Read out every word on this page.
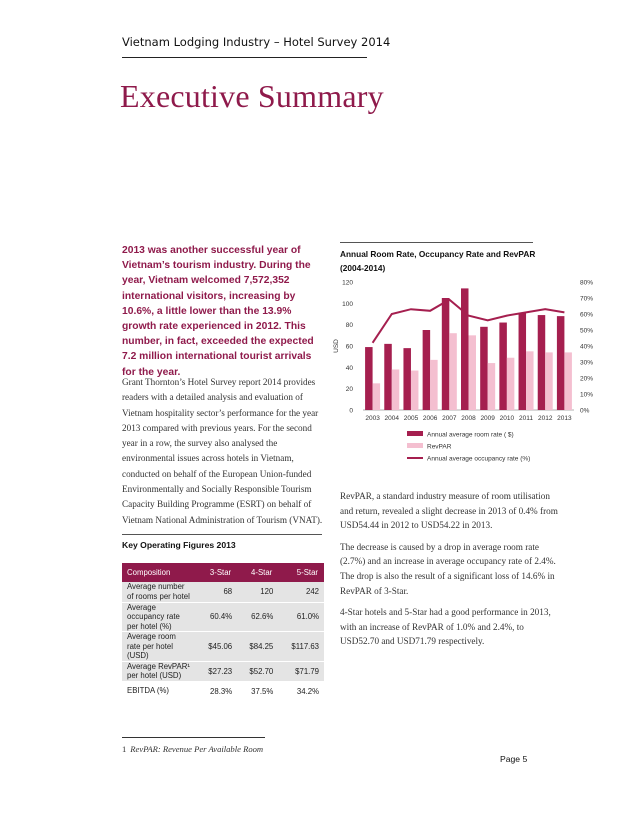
Vietnam Lodging Industry – Hotel Survey 2014
Executive Summary

2013 was another successful year of Vietnam’s tourism industry. During the year, Vietnam welcomed 7,572,352 international visitors, increasing by 10.6%, a little lower than the 13.9% growth rate experienced in 2012. This number, in fact, exceeded the expected 7.2 million international tourist arrivals for the year.

Grant Thornton’s Hotel Survey report 2014 provides readers with a detailed analysis and evaluation of Vietnam hospitality sector’s performance for the year 2013 compared with previous years. For the second year in a row, the survey also analysed the environmental issues across hotels in Vietnam, conducted on behalf of the European Union-funded Environmentally and Socially Responsible Tourism Capacity Building Programme (ESRT) on behalf of Vietnam National Administration of Tourism (VNAT).

Key Operating Figures 2013
Composition	3-Star	4-Star	5-Star
Average number of rooms per hotel	68	120	242
Average occupancy rate per hotel (%)	60.4%	62.6%	61.0%
Average room rate per hotel (USD)	$45.06	$84.25	$117.63
Average RevPAR¹ per hotel (USD)	$27.23	$52.70	$71.79
EBITDA (%)	28.3%	37.5%	34.2%
Annual Room Rate, Occupancy Rate and RevPAR (2004-2014)
0
20
40
60
80
100
120
0%
10%
20%
30%
40%
50%
60%
70%
80%
USD
2003 2004 2005 2006 2007 2008 2009 2010 2011 2012 2013
Annual average room rate ( $)
RevPAR
Annual average occupancy rate (%)

RevPAR, a standard industry measure of room utilisation and return, revealed a slight decrease in 2013 of 0.4% from USD54.44 in 2012 to USD54.22 in 2013.

The decrease is caused by a drop in average room rate (2.7%) and an increase in average occupancy rate of 2.4%. The drop is also the result of a significant loss of 14.6% in RevPAR of 3-Star.

4-Star hotels and 5-Star had a good performance in 2013, with an increase of RevPAR of 1.0% and 2.4%, to USD52.70 and USD71.79 respectively.

1 RevPAR: Revenue Per Available Room
Page 5
